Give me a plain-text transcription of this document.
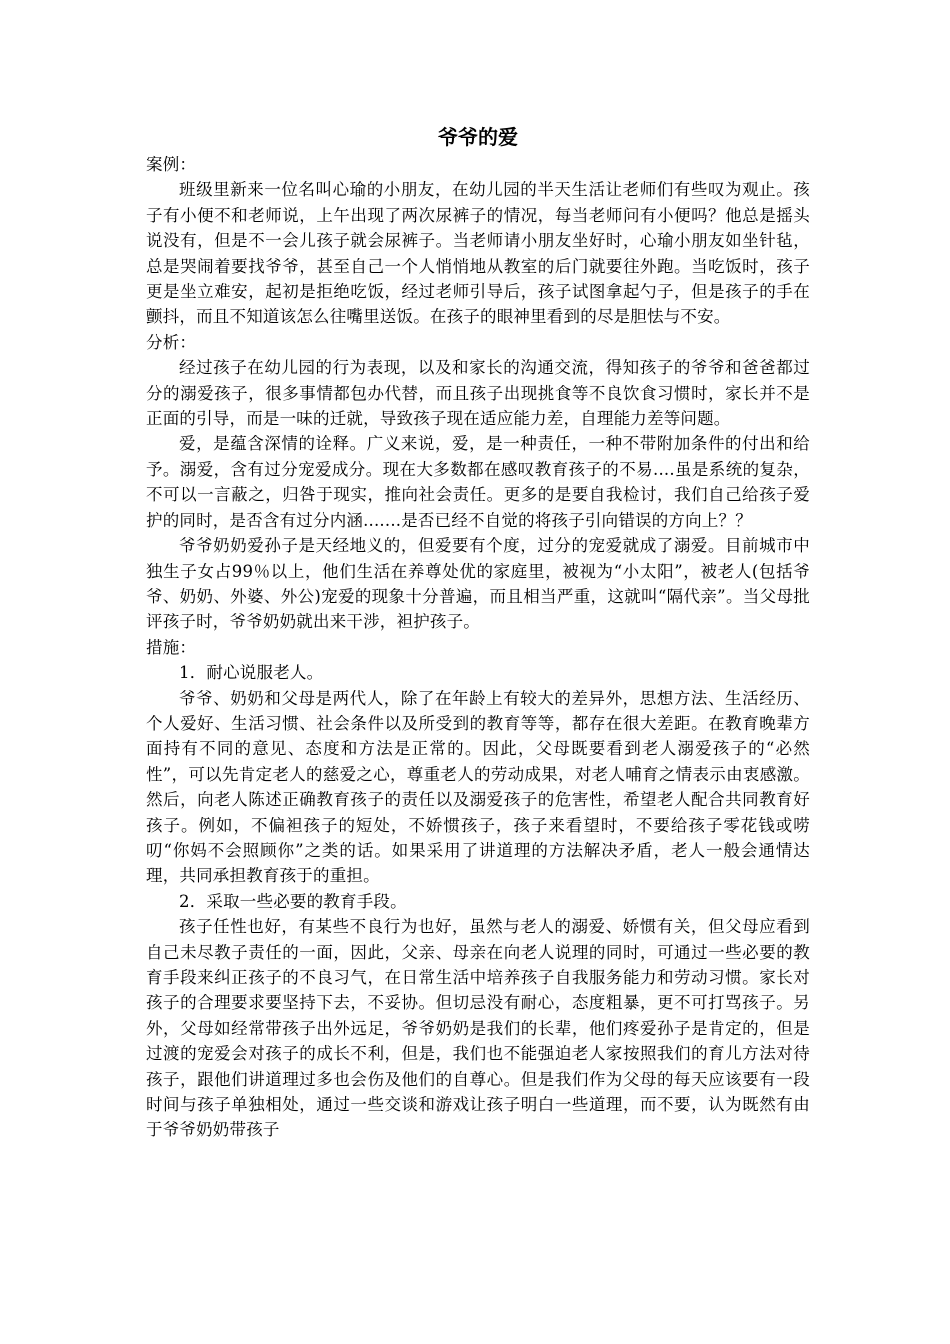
爷爷的爱

案例：

班级里新来一位名叫心瑜的小朋友，在幼儿园的半天生活让老师们有些叹为观止。孩子有小便不和老师说，上午出现了两次尿裤子的情况，每当老师问有小便吗？他总是摇头说没有，但是不一会儿孩子就会尿裤子。当老师请小朋友坐好时，心瑜小朋友如坐针毡，总是哭闹着要找爷爷，甚至自己一个人悄悄地从教室的后门就要往外跑。当吃饭时，孩子更是坐立难安，起初是拒绝吃饭，经过老师引导后，孩子试图拿起勺子，但是孩子的手在颤抖，而且不知道该怎么往嘴里送饭。在孩子的眼神里看到的尽是胆怯与不安。

分析：

经过孩子在幼儿园的行为表现，以及和家长的沟通交流，得知孩子的爷爷和爸爸都过分的溺爱孩子，很多事情都包办代替，而且孩子出现挑食等不良饮食习惯时，家长并不是正面的引导，而是一味的迁就，导致孩子现在适应能力差，自理能力差等问题。

爱，是蕴含深情的诠释。广义来说，爱，是一种责任，一种不带附加条件的付出和给予。溺爱，含有过分宠爱成分。现在大多数都在感叹教育孩子的不易....虽是系统的复杂，不可以一言蔽之，归咎于现实，推向社会责任。更多的是要自我检讨，我们自己给孩子爱护的同时，是否含有过分内涵.......是否已经不自觉的将孩子引向错误的方向上？？

爷爷奶奶爱孙子是天经地义的，但爱要有个度，过分的宠爱就成了溺爱。目前城市中独生子女占99％以上，他们生活在养尊处优的家庭里，被视为“小太阳”，被老人(包括爷爷、奶奶、外婆、外公)宠爱的现象十分普遍，而且相当严重，这就叫“隔代亲”。当父母批评孩子时，爷爷奶奶就出来干涉，袒护孩子。

措施：

1．耐心说服老人。

爷爷、奶奶和父母是两代人，除了在年龄上有较大的差异外，思想方法、生活经历、个人爱好、生活习惯、社会条件以及所受到的教育等等，都存在很大差距。在教育晚辈方面持有不同的意见、态度和方法是正常的。因此，父母既要看到老人溺爱孩子的“必然性”，可以先肯定老人的慈爱之心，尊重老人的劳动成果，对老人哺育之情表示由衷感激。然后，向老人陈述正确教育孩子的责任以及溺爱孩子的危害性，希望老人配合共同教育好孩子。例如，不偏袒孩子的短处，不娇惯孩子，孩子来看望时，不要给孩子零花钱或唠叨“你妈不会照顾你”之类的话。如果采用了讲道理的方法解决矛盾，老人一般会通情达理，共同承担教育孩于的重担。

2．采取一些必要的教育手段。

孩子任性也好，有某些不良行为也好，虽然与老人的溺爱、娇惯有关，但父母应看到自己未尽教子责任的一面，因此，父亲、母亲在向老人说理的同时，可通过一些必要的教育手段来纠正孩子的不良习气，在日常生活中培养孩子自我服务能力和劳动习惯。家长对孩子的合理要求要坚持下去，不妥协。但切忌没有耐心，态度粗暴，更不可打骂孩子。另外，父母如经常带孩子出外远足，爷爷奶奶是我们的长辈，他们疼爱孙子是肯定的，但是过渡的宠爱会对孩子的成长不利，但是，我们也不能强迫老人家按照我们的育儿方法对待孩子，跟他们讲道理过多也会伤及他们的自尊心。但是我们作为父母的每天应该要有一段时间与孩子单独相处，通过一些交谈和游戏让孩子明白一些道理，而不要，认为既然有由于爷爷奶奶带孩子
